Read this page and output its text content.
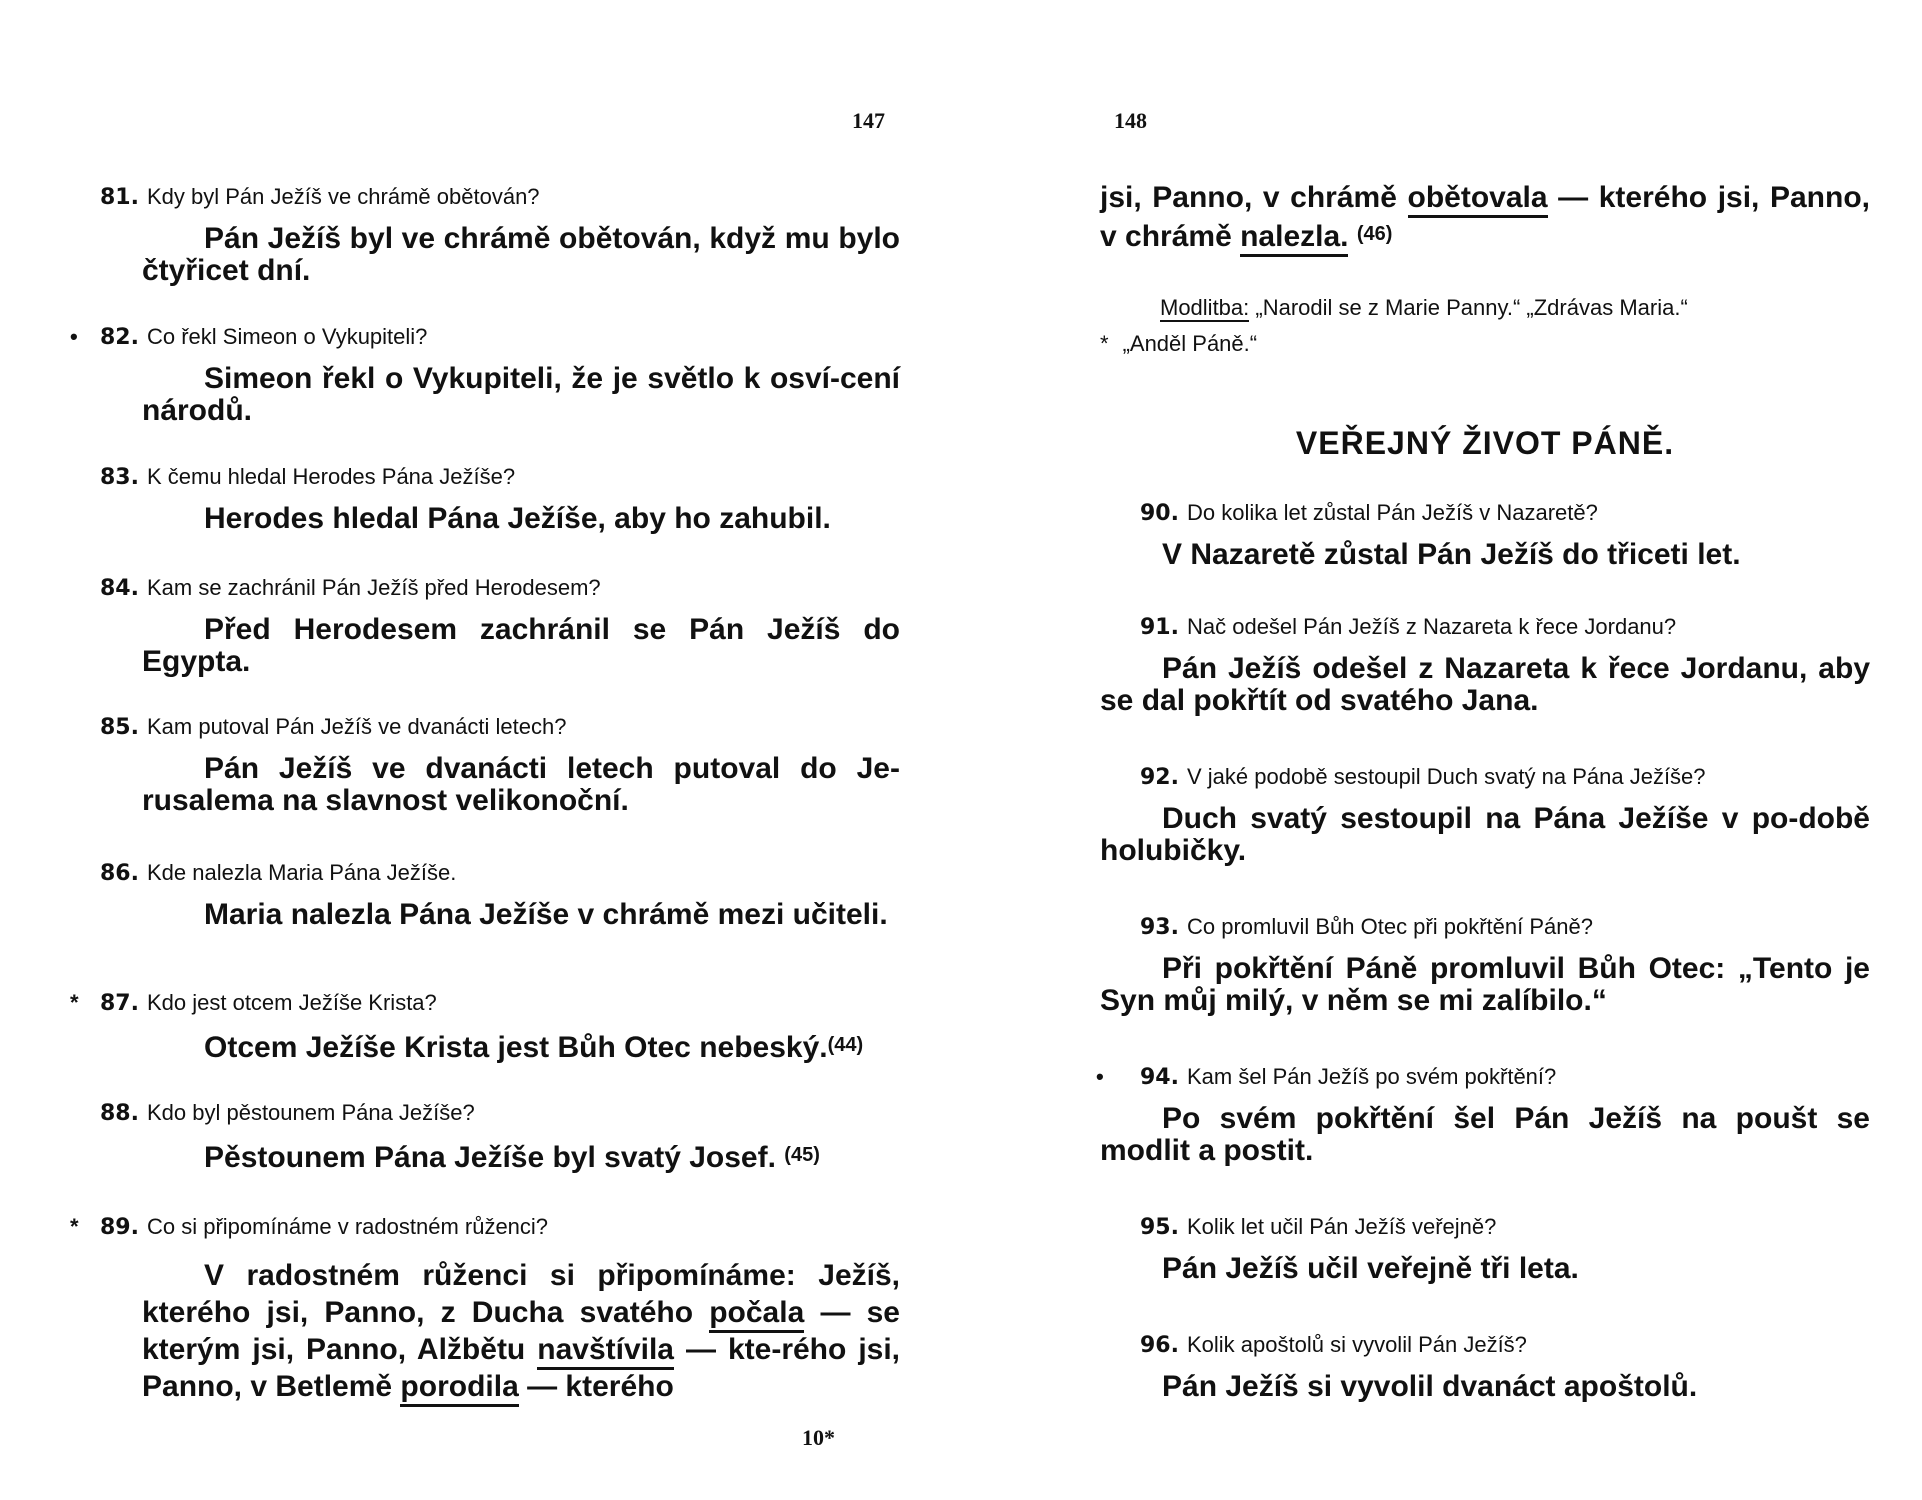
147
81. Kdy byl Pán Ježíš ve chrámě obětován?
Pán Ježíš byl ve chrámě obětován, když mu bylo čtyřicet dní.
• 82. Co řekl Simeon o Vykupiteli?
Simeon řekl o Vykupiteli, že je světlo k osví-cení národů.
83. K čemu hledal Herodes Pána Ježíše?
Herodes hledal Pána Ježíše, aby ho zahubil.
84. Kam se zachránil Pán Ježíš před Herodesem?
Před Herodesem zachránil se Pán Ježíš do Egypta.
85. Kam putoval Pán Ježíš ve dvanácti letech?
Pán Ježíš ve dvanácti letech putoval do Je-rusalema na slavnost velikonoční.
86. Kde nalezla Maria Pána Ježíše.
Maria nalezla Pána Ježíše v chrámě mezi učiteli.
* 87. Kdo jest otcem Ježíše Krista?
Otcem Ježíše Krista jest Bůh Otec nebeský.$^{(44)}$
88. Kdo byl pěstounem Pána Ježíše?
Pěstounem Pána Ježíše byl svatý Josef. $^{(45)}$
* 89. Co si připomínáme v radostném růženci?
V radostném růženci si připomínáme: Ježíš, kterého jsi, Panno, z Ducha svatého počala — se kterým jsi, Panno, Alžbětu navštívila — kte-rého jsi, Panno, v Betlemě porodila — kterého
10*
148
jsi, Panno, v chrámě obětovala — kterého jsi, Panno, v chrámě nalezla. $^{(46)}$
Modlitba: „Narodil se z Marie Panny.“ „Zdrávas Maria.“
* „Anděl Páně.“
VEŘEJNÝ ŽIVOT PÁNĚ.
90. Do kolika let zůstal Pán Ježíš v Nazaretě?
V Nazaretě zůstal Pán Ježíš do třiceti let.
91. Nač odešel Pán Ježíš z Nazareta k řece Jordanu?
Pán Ježíš odešel z Nazareta k řece Jordanu, aby se dal pokřtít od svatého Jana.
92. V jaké podobě sestoupil Duch svatý na Pána Ježíše?
Duch svatý sestoupil na Pána Ježíše v po-době holubičky.
93. Co promluvil Bůh Otec při pokřtění Páně?
Při pokřtění Páně promluvil Bůh Otec: „Tento je Syn můj milý, v něm se mi zalíbilo.“
• 94. Kam šel Pán Ježíš po svém pokřtění?
Po svém pokřtění šel Pán Ježíš na poušt se modlit a postit.
95. Kolik let učil Pán Ježíš veřejně?
Pán Ježíš učil veřejně tři leta.
96. Kolik apoštolů si vyvolil Pán Ježíš?
Pán Ježíš si vyvolil dvanáct apoštolů.
